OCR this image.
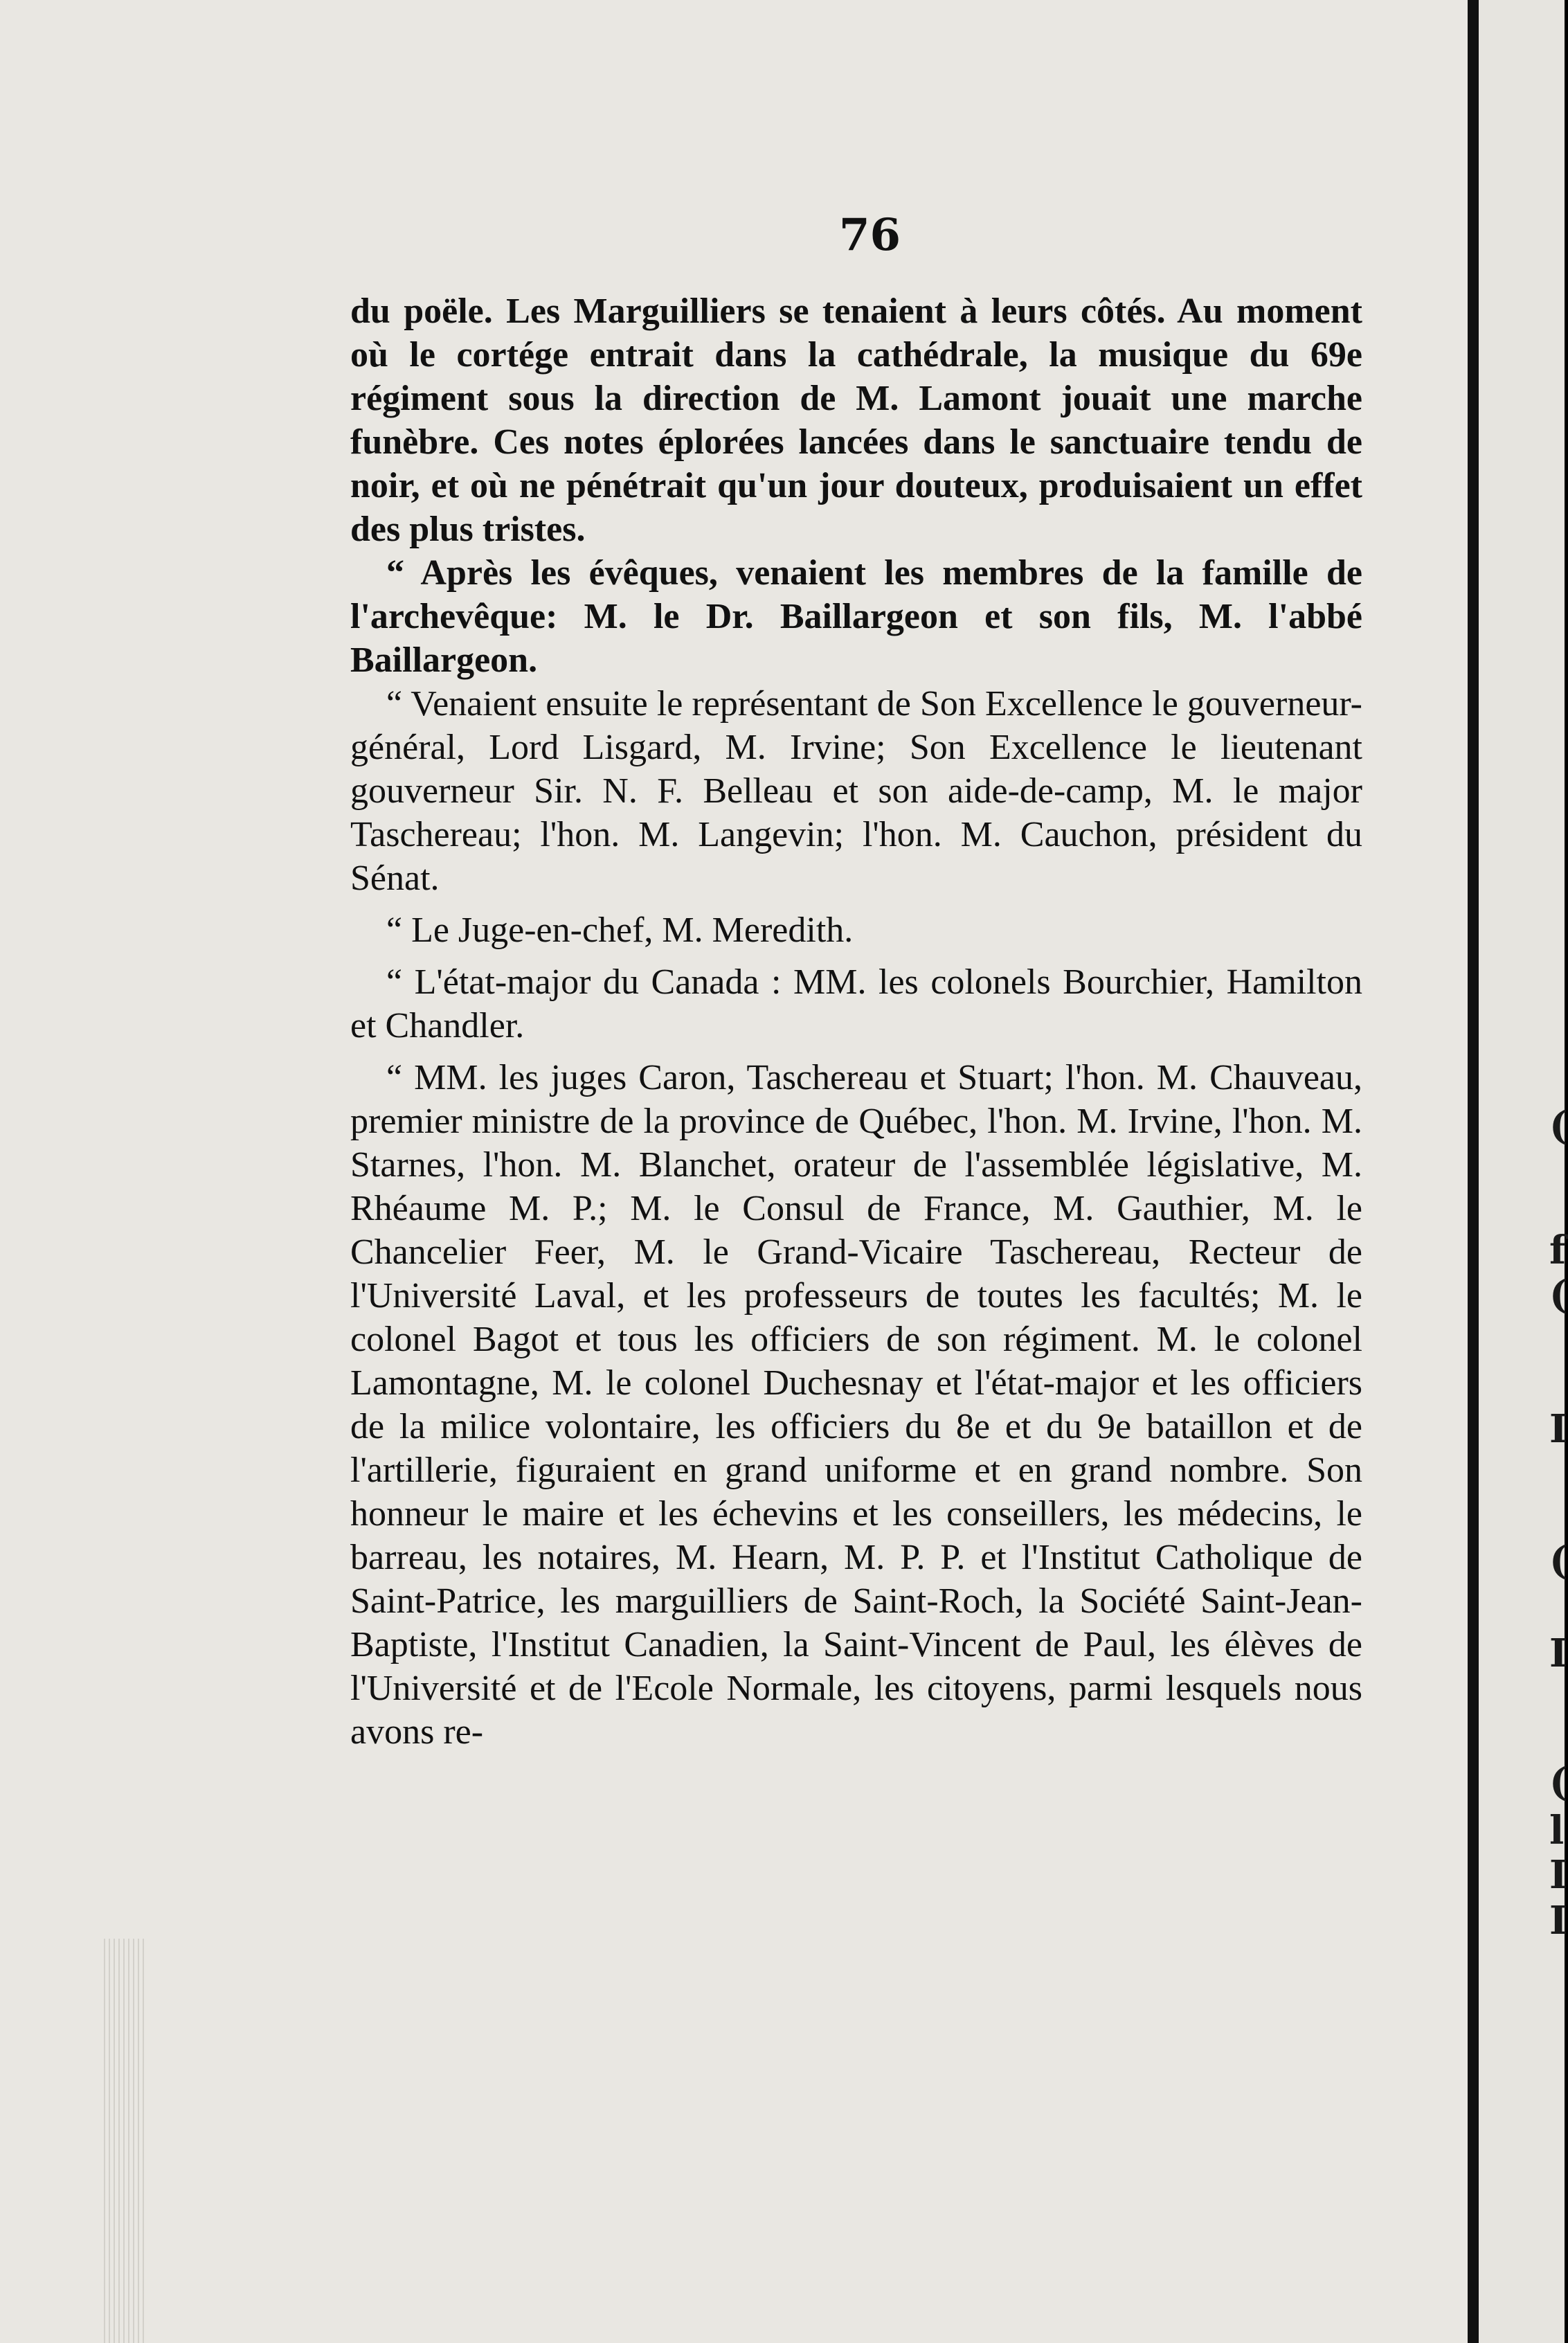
76

du poële. Les Marguilliers se tenaient à leurs côtés. Au moment où le cortége entrait dans la cathédrale, la musique du 69e régiment sous la direction de M. Lamont jouait une marche funèbre. Ces notes éplorées lancées dans le sanctuaire tendu de noir, et où ne pénétrait qu'un jour douteux, produisaient un effet des plus tristes.

“ Après les évêques, venaient les membres de la famille de l'archevêque: M. le Dr. Baillargeon et son fils, M. l'abbé Baillargeon.

“ Venaient ensuite le représentant de Son Excellence le gouverneur-général, Lord Lisgard, M. Irvine; Son Excellence le lieutenant gouverneur Sir. N. F. Belleau et son aide-de-camp, M. le major Taschereau; l'hon. M. Langevin; l'hon. M. Cauchon, président du Sénat.

“ Le Juge-en-chef, M. Meredith.

“ L'état-major du Canada : MM. les colonels Bourchier, Hamilton et Chandler.

“ MM. les juges Caron, Taschereau et Stuart; l'hon. M. Chauveau, premier ministre de la province de Québec, l'hon. M. Irvine, l'hon. M. Starnes, l'hon. M. Blanchet, orateur de l'assemblée législative, M. Rhéaume M. P.; M. le Consul de France, M. Gauthier, M. le Chancelier Feer, M. le Grand-Vicaire Taschereau, Recteur de l'Université Laval, et les professeurs de toutes les facultés; M. le colonel Bagot et tous les officiers de son régiment. M. le colonel Lamontagne, M. le colonel Duchesnay et l'état-major et les officiers de la milice volontaire, les officiers du 8e et du 9e bataillon et de l'artillerie, figuraient en grand uniforme et en grand nombre. Son honneur le maire et les échevins et les conseillers, les médecins, le barreau, les notaires, M. Hearn, M. P. P. et l'Institut Catholique de Saint-Patrice, les marguilliers de Saint-Roch, la Société Saint-Jean-Baptiste, l'Institut Canadien, la Saint-Vincent de Paul, les élèves de l'Université et de l'Ecole Normale, les citoyens, parmi lesquels nous avons re-

(
f
(
I
(
I
(
l
I
I
